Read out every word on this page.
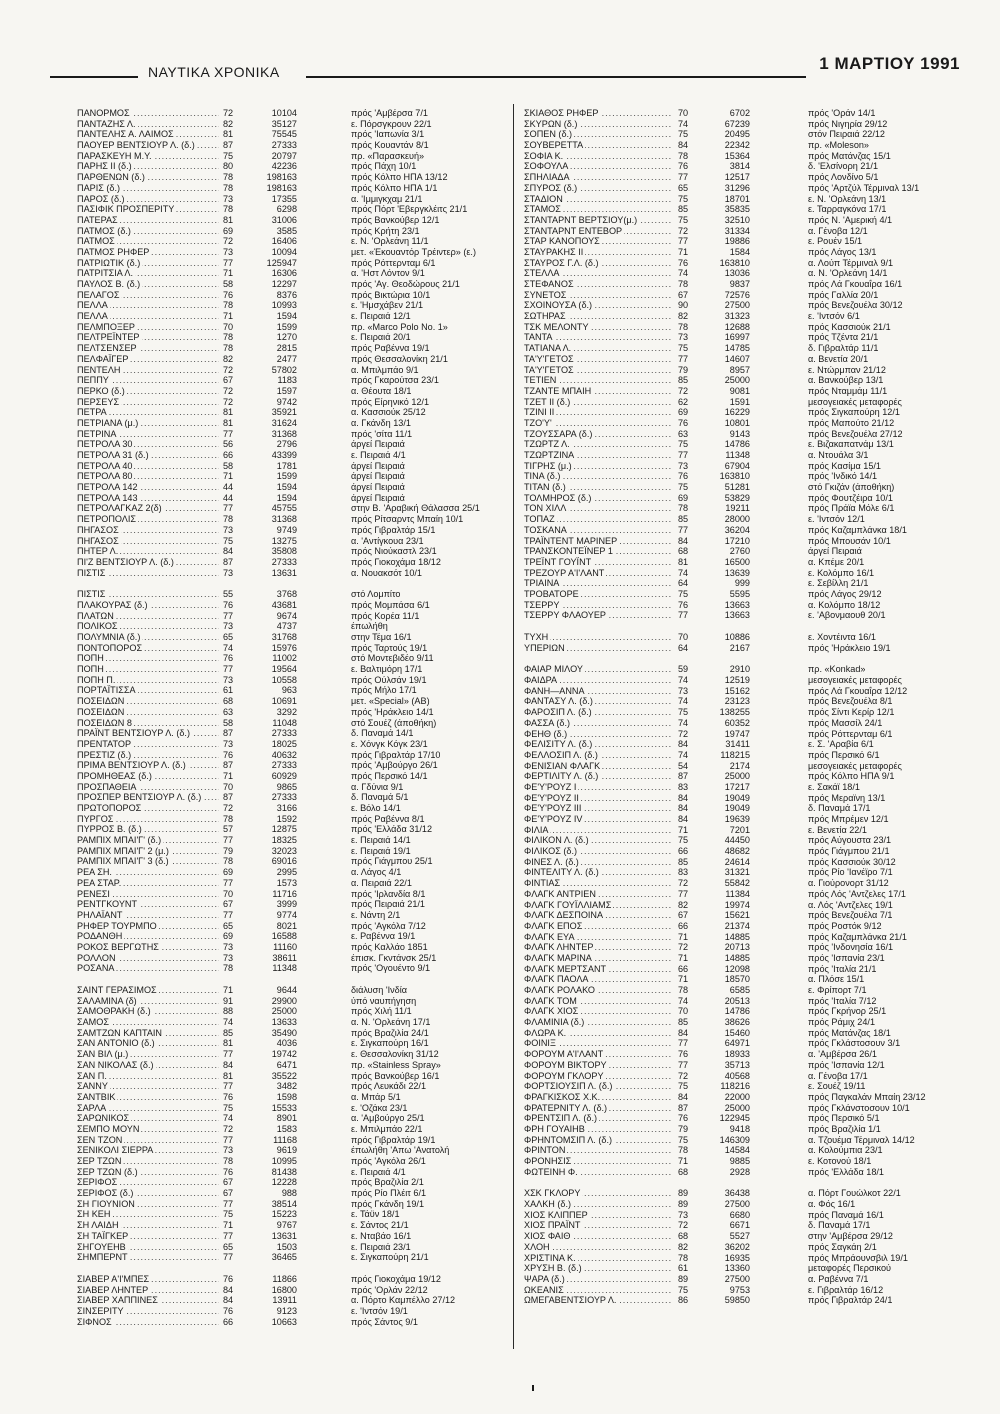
ΝΑΥΤΙΚΑ ΧΡΟΝΙΚΑ	1 ΜΑΡΤΙΟΥ 1991
ΠΑΝΟΡΜΟΣ .....	72	10104	πρός 'Αμβέρσα 7/1
ΠΑΝΤΑΖΗΣ Λ. .....	82	35127	ε. Πόρσγκρουν 22/1
ΠΑΝΤΕΛΗΣ Α. ΛΑΙΜΟΣ .....	81	75545	πρός 'Ιαπωνία 3/1
ΠΑΟΥΕΡ ΒΕΝΤΣΙΟΥΡ Λ. (δ.) .....	87	27333	πρός Κουαντάν 8/1
ΠΑΡΑΣΚΕΥΗ Μ.Υ. .....	75	20797	πρ. «Παρασκευή»
ΠΑΡΗΣ ΙΙ (δ.) .....	80	42236	πρός Πάχη 10/1
ΠΑΡΘΕΝΩΝ (δ.) .....	78	198163	πρός Κόλπο ΗΠΑ 13/12
ΠΑΡΙΣ (δ.) .....	78	198163	πρός Κόλπο ΗΠΑ 1/1
ΠΑΡΟΣ (δ.) .....	73	17355	α. 'Ιμμιγκχαμ 21/1
ΠΑΣΙΦΙΚ ΠΡΟΣΠΕΡΙΤΥ .....	78	6298	πρός Πόρτ 'Εβεργκλέιτς 21/1
ΠΑΤΕΡΑΣ .....	81	31006	πρός Βανκούβερ 12/1
ΠΑΤΜΟΣ (δ.) .....	69	3585	πρός Κρήτη 23/1
ΠΑΤΜΟΣ .....	72	16406	ε. Ν. 'Ορλεάνη 11/1
ΠΑΤΜΟΣ ΡΗΦΕΡ .....	73	10094	μετ. «Έκουαντόρ Τρέιντερ» (ε.)
ΠΑΤΡΙΩΤΙΚ (δ.) .....	77	125947	πρός Ρόττερνταμ 6/1
ΠΑΤΡΙΤΣΙΑ Λ. .....	71	16306	α. 'Ηστ Λόντον 9/1
ΠΑΥΛΟΣ Β. (δ.) .....	58	12297	πρός 'Αγ. Θεοδώρους 21/1
ΠΕΛΑΓΟΣ .....	76	8376	πρός Βικτώρια 10/1
ΠΕΛΛΑ .....	78	10993	ε. 'Ημσχάβεν 21/1
ΠΕΛΛΑ .....	71	1594	ε. Πειραιά 12/1
ΠΕΛΜΠΟΞΕΡ .....	70	1599	πρ. «Marco Polo No. 1»
ΠΕΛΤΡΕΪΝΤΕΡ .....	78	1270	ε. Πειραιά 20/1
ΠΕΛΤΣΕΝΣΕΡ .....	78	2815	πρός Ραβέννα 19/1
ΠΕΛΦΑΪΓΕΡ .....	82	2477	πρός Θεσσαλονίκη 21/1
ΠΕΝΤΕΛΗ .....	72	57802	α. Μπιλμπάο 9/1
ΠΕΠΠΥ .....	67	1183	πρός Γκαρούτσα 23/1
ΠΕΡΚΟ (δ.) .....	72	1597	α. Θέουτα 18/1
ΠΕΡΣΕΥΣ .....	72	9742	πρός Είρηνικό 12/1
ΠΕΤΡΑ .....	81	35921	α. Κασσιούκ 25/12
ΠΕΤΡΙΑΝΑ (μ.) .....	81	31624	α. Γκάνδη 13/1
ΠΕΤΡΙΝΑ .....	77	31368	πρός 'σίτα 11/1
ΠΕΤΡΟΛΑ 30 .....	56	2796	άργεί Πειραιά
ΠΕΤΡΟΛΑ 31 (δ.) .....	66	43399	ε. Πειραιά 4/1
ΠΕΤΡΟΛΑ 40 .....	58	1781	άργεί Πειραιά
ΠΕΤΡΟΛΑ 80 .....	71	1599	άργεί Πειραιά
ΠΕΤΡΟΛΑ 142 .....	44	1594	άργεί Πειραιά
ΠΕΤΡΟΛΑ 143 .....	44	1594	άργεί Πειραιά
ΠΕΤΡΟΛΑΓΚΑΖ 2(δ) .....	77	45755	στην Β. 'Αραβική Θάλασσα 25/1
ΠΕΤΡΟΠΟΛΙΣ .....	78	31368	πρός Ρίτσαρντς Μπαίη 10/1
ΠΗΓΑΣΟΣ .....	73	9749	πρός Γιβραλτάρ 15/1
ΠΗΓΑΣΟΣ .....	75	13275	α. 'Αντίγκουα 23/1
ΠΗΤΕΡ Λ. .....	84	35808	πρός Νιούκαστλ 23/1
ΠΙ'Ζ ΒΕΝΤΣΙΟΥΡ Λ. (δ.) .....	87	27333	πρός Γιοκοχάμα 18/12
ΠΙΣΤΙΣ .....	73	13631	α. Νουακσότ 10/1
ΠΙΣΤΙΣ .....	55	3768	στό Λομπίτο
ΠΛΑΚΟΥΡΑΣ (δ.) .....	76	43681	πρός Μομπάσα 6/1
ΠΛΑΤΩΝ .....	77	9674	πρός Κορέα 11/1
ΠΟΛΙΚΟΣ .....	73	4737	έπωλήθη
ΠΟΛΥΜΝΙΑ (δ.) .....	65	31768	στην Τέμα 16/1
ΠΟΝΤΟΠΟΡΟΣ .....	74	15976	πρός Ταρτούς 19/1
ΠΟΠΗ .....	76	11002	στό Μοντεβιδέο 9/11
ΠΟΠΗ .....	77	19564	ε. Βαλτιμόρη 17/1
ΠΟΠΗ Π. .....	73	10558	πρός Ούλσάν 19/1
ΠΟΡΤΑΪΤΙΣΣΑ .....	61	963	πρός Μήλο 17/1
ΠΟΣΕΙΔΩΝ .....	68	10691	μετ. «Special» (ΑΒ)
ΠΟΣΕΙΔΩΝ .....	63	3292	πρός 'Ηράκλειο 14/1
ΠΟΣΕΙΔΩΝ 8 .....	58	11048	στό Σουέζ (άποθήκη)
ΠΡΑΪΝΤ ΒΕΝΤΣΙΟΥΡ Λ. (δ.) .....	87	27333	δ. Παναμά 14/1
ΠΡΕΝΤΑΤΟΡ .....	73	18025	ε. Χόνγκ Κόγκ 23/1
ΠΡΕΣΤΙΖ (δ.) .....	76	40632	πρός Γιβραλτάρ 17/10
ΠΡΙΜΑ ΒΕΝΤΣΙΟΥΡ Λ. (δ.) .....	87	27333	πρός 'Αμβούργο 26/1
ΠΡΟΜΗΘΕΑΣ (δ.) .....	71	60929	πρός Περσικό 14/1
ΠΡΟΣΠΑΘΕΙΑ .....	70	9865	α. Γδύνια 9/1
ΠΡΟΣΠΕΡ ΒΕΝΤΣΙΟΥΡ Λ. (δ.) .....	87	27333	δ. Παναμά 5/1
ΠΡΩΤΟΠΟΡΟΣ .....	72	3166	ε. Βόλο 14/1
ΠΥΡΓΟΣ .....	78	1592	πρός Ραβέννα 8/1
ΠΥΡΡΟΣ Β. (δ.) .....	57	12875	πρός 'Ελλάδα 31/12
ΡΑΜΠΙΧ ΜΠΑΙ'Γ' (δ.) .....	77	18325	ε. Πειραιά 14/1
ΡΑΜΠΙΧ ΜΠΑΙ'Γ' 2 (μ.) .....	79	32023	ε. Πειραιά 19/1
ΡΑΜΠΙΧ ΜΠΑΙ'Γ' 3 (δ.) .....	78	69016	πρός Γιάγμπου 25/1
ΡΕΑ ΣΗ. .....	69	2995	α. Λάγος 4/1
ΡΕΑ ΣΤΑΡ. .....	77	1573	α. Πειραιά 22/1
ΡΕΝΕΣΙ .....	70	11716	πρός 'Ιρλανδία 8/1
ΡΕΝΤΓΚΟΥΝΤ .....	67	3999	πρός Πειραιά 21/1
ΡΗΛΑΪΑΝΤ .....	77	9774	ε. Νάντη 2/1
ΡΗΦΕΡ ΤΟΥΡΜΠΟ .....	65	8021	πρός 'Αγκόλα 7/12
ΡΟΔΑΝΘΗ .....	69	16588	ε. Ραβέννα 19/1
ΡΟΚΟΣ ΒΕΡΓΩΤΗΣ .....	73	11160	πρός Καλλάο 1851
ΡΟΛΛΟΝ .....	73	38611	έπισκ. Γκντάνσκ 25/1
ΡΟΣΑΝΑ .....	78	11348	πρός 'Ογουέντο 9/1
ΣΑΙΝΤ ΓΕΡΑΣΙΜΟΣ .....	71	9644	διάλυση 'Ινδία
ΣΑΛΑΜΙΝΑ (δ) .....	91	29900	ύπό ναυπήγηση
ΣΑΜΟΘΡΑΚΗ (δ.) .....	88	25000	πρός Χιλή 11/1
ΣΑΜΟΣ .....	74	13633	α. Ν. 'Ορλεάνη 17/1
ΣΑΜΤΖΩΝ ΚΑΠΤΑΙΝ .....	85	35490	πρός Βραζιλία 24/1
ΣΑΝ ΑΝΤΟΝΙΟ (δ.) .....	81	4036	ε. Σιγκαπούρη 16/1
ΣΑΝ ΒΙΛ (μ.) .....	77	19742	ε. Θεσσαλονίκη 31/12
ΣΑΝ ΝΙΚΟΛΑΣ (δ.) .....	84	6471	πρ. «Stainless Spray»
ΣΑΝ Π. .....	81	35522	πρός Βανκούβερ 16/1
ΣΑΝΝΥ .....	77	3482	πρός Λευκάδι 22/1
ΣΑΝΤΒΙΚ .....	76	1598	α. Μπάρ 5/1
ΣΑΡΛΑ .....	75	15533	ε. 'Οζάκα 23/1
ΣΑΡΩΝΙΚΟΣ .....	74	8901	α. 'Αμβούργο 25/1
ΣΕΜΠΟ ΜΟΥΝ .....	72	1583	ε. Μπιλμπάο 22/1
ΣΕΝ ΤΖΟΝ .....	77	11168	πρός Γιβραλτάρ 19/1
ΣΕΝΙΚΟΛΙ ΣΙΕΡΡΑ .....	73	9619	έπωλήθη 'Απω 'Ανατολή
ΣΕΡ ΤΖΩΝ .....	78	10995	πρός 'Αγκόλα 26/1
ΣΕΡ ΤΖΩΝ (δ.) .....	76	81438	ε. Πειραιά 4/1
ΣΕΡΙΦΟΣ .....	67	12228	πρός Βραζιλία 2/1
ΣΕΡΙΦΟΣ (δ.) .....	67	988	πρός Ρίο Πλέιτ 6/1
ΣΗ ΓΙΟΥΝΙΟΝ .....	77	38514	πρός Γκάνδη 19/1
ΣΗ ΚΕΗ .....	75	15223	ε. Τάϋν 18/1
ΣΗ ΛΑΙΔΗ .....	71	9767	ε. Σάντος 21/1
ΣΗ ΤΑΪΓΚΕΡ .....	77	13631	ε. Νταβάο 16/1
ΣΗΓΟΥΕΗΒ .....	65	1503	ε. Πειραιά 23/1
ΣΗΜΠΕΡΝΤ .....	77	36465	ε. Σιγκαπούρη 21/1
ΣΙΑΒΕΡ Α'Ι'ΜΠΕΣ .....	76	11866	πρός Γιοκοχάμα 19/12
ΣΙΑΒΕΡ ΛΗΝΤΕΡ .....	84	16800	πρός 'Ορλάν 22/12
ΣΙΑΒΕΡ ΧΑΠΠΙΝΕΣ .....	84	13911	α. Πόρτο Καμπέλλο 27/12
ΣΙΝΣΕΡΙΤΥ .....	76	9123	ε. 'Ιντσόν 19/1
ΣΙΦΝΟΣ .....	66	10663	πρός Σάντος 9/1
ΣΚΙΑΘΟΣ ΡΗΦΕΡ .....	70	6702	πρός 'Οράν 14/1
ΣΚΥΡΩΝ (δ.) .....	74	67239	πρός Νιγηρία 29/12
ΣΟΠΕΝ (δ.) .....	75	20495	στόν Πειραιά 22/12
ΣΟΥΒΕΡΕΤΤΑ .....	84	22342	πρ. «Moleson»
ΣΟΦΙΑ Κ. .....	78	15364	πρός Ματάνζας 15/1
ΣΟΦΟΥΛΑ .....	76	3814	δ. 'Ελσίνορη 21/1
ΣΠΗΛΙΑΔΑ .....	77	12517	πρός Λονδίνο 5/1
ΣΠΥΡΟΣ (δ.) .....	65	31296	πρός 'Αρτζύλ Τέρμιναλ 13/1
ΣΤΑΔΙΟΝ .....	75	18701	ε. Ν. 'Ορλεάνη 13/1
ΣΤΑΜΟΣ .....	85	35835	ε. Ταρραγκόνα 17/1
ΣΤΑΝΤΑΡΝΤ ΒΕΡΤΣΙΟΥ(μ.) .....	75	32510	πρός Ν. 'Αμερική 4/1
ΣΤΑΝΤΑΡΝΤ ΕΝΤΕΒΟΡ .....	72	31334	α. Γένοβα 12/1
ΣΤΑΡ ΚΑΝΟΠΟΥΣ .....	77	19886	ε. Ρουέν 15/1
ΣΤΑΥΡΑΚΗΣ ΙΙ .....	71	1584	πρός Λάγος 13/1
ΣΤΑΥΡΟΣ Γ.Λ. (δ.) .....	76	163810	α. Λούπ Τέρμιναλ 9/1
ΣΤΕΛΛΑ .....	74	13036	α. Ν. 'Ορλεάνη 14/1
ΣΤΕΦΑΝΟΣ .....	78	9837	πρός Λά Γκουαΐρα 16/1
ΣΥΝΕΤΟΣ .....	67	72576	πρός Γαλλία 20/1
ΣΧΟΙΝΟΥΣΑ (δ.) .....	90	27500	πρός Βενεζουέλα 30/12
ΣΩΤΗΡΑΣ .....	82	31323	ε. 'Ιντσόν 6/1
ΤΣΚ ΜΕΛΟΝΤΥ .....	78	12688	πρός Κασσιούκ 21/1
ΤΑΝΤΑ .....	73	16997	πρός Τζέντα 21/1
ΤΑΤΙΑΝΑ Λ. .....	75	14785	δ. Γιβραλτάρ 11/1
ΤΑ'Υ'ΓΕΤΟΣ .....	77	14607	α. Βενετία 20/1
ΤΑ'Υ'ΓΕΤΟΣ .....	79	8957	ε. Ντώρμπαν 21/12
ΤΕΤΙΕΝ .....	85	25000	α. Βανκούβερ 13/1
ΤΖΑΝΤΕ ΜΠΑΙΗ .....	72	9081	πρός Νταμμάμ 11/1
ΤΖΕΤ ΙΙ (δ.) .....	62	1591	μεσογειακές μεταφορές
ΤΖΙΝΙ ΙΙ .....	69	16229	πρός Σιγκαπούρη 12/1
ΤΖΟ'Υ' .....	76	10801	πρός Μαπούτο 21/12
ΤΖΟΥΣΣΑΡΑ (δ.) .....	63	9143	πρός Βενεζουέλα 27/12
ΤΖΩΡΤΖ Λ. .....	75	14786	ε. Βιζακαπατνάμ 13/1
ΤΖΩΡΤΖΙΝΑ .....	77	11348	α. Ντουάλα 3/1
ΤΙΓΡΗΣ (μ.) .....	73	67904	πρός Κασίμα 15/1
ΤΙΝΑ (δ.) .....	76	163810	πρός 'Ινδικό 14/1
ΤΙΤΑΝ (δ.) .....	75	51281	στό Γκιζάν (άποθήκη)
ΤΟΛΜΗΡΟΣ (δ.) .....	69	53829	πρός Φουτζέιρα 10/1
ΤΟΝ ΧΙΛΛ .....	78	19211	πρός Πράϊα Μόλε 6/1
ΤΟΠΑΖ .....	85	28000	ε. 'Ιντσόν 12/1
ΤΟΣΚΑΝΑ .....	77	36204	πρός Καζαμπλάνκα 18/1
ΤΡΑΪΝΤΕΝΤ ΜΑΡΙΝΕΡ .....	84	17210	πρός Μπουσάν 10/1
ΤΡΑΝΣΚΟΝΤΕΪΝΕΡ 1 .....	68	2760	άργεί Πειραιά
ΤΡΕΪΝΤ ΓΟΥΪΝΤ .....	81	16500	α. Κπέμε 20/1
ΤΡΕΖΟΥΡ Α'Ι'ΛΑΝΤ .....	74	13639	ε. Κολόμπο 16/1
ΤΡΙΑΙΝΑ .....	64	999	ε. Σεβίλλη 21/1
ΤΡΟΒΑΤΟΡΕ .....	75	5595	πρός Λάγος 29/12
ΤΣΕΡΡΥ .....	76	13663	α. Κολόμπο 18/12
ΤΣΕΡΡΥ ΦΛΑΟΥΕΡ .....	77	13663	ε. 'Αβονμαουθ 20/1
ΤΥΧΗ .....	70	10886	ε. Χοντέιντα 16/1
ΥΠΕΡΙΩΝ .....	64	2167	πρός 'Ηράκλειο 19/1
ΦΑΙΑΡ ΜΙΛΟΥ .....	59	2910	πρ. «Konkad»
ΦΑΙΔΡΑ .....	74	12519	μεσογειακές μεταφορές
ΦΑΝΗ—ΑΝΝΑ .....	73	15162	πρός Λά Γκουαΐρα 12/12
ΦΑΝΤΑΣΥ Λ. (δ.) .....	74	23123	πρός Βενεζουέλα 8/1
ΦΑΡΟΣΙΠ Λ. (δ.) .....	75	138255	πρός Σίντι Κερίρ 12/1
ΦΑΣΣΑ (δ.) .....	74	60352	πρός Μασσίλ 24/1
ΦΕΗΘ (δ.) .....	72	19747	πρός Ρόττερνταμ 6/1
ΦΕΛΙΣΙΤΥ Λ. (δ.) .....	84	31411	ε. Σ. 'Αραβία 6/1
ΦΕΛΛΟΣΙΠ Λ. (δ.) .....	74	118215	πρός Περσικό 6/1
ΦΕΝΙΣΙΑΝ ΦΛΑΓΚ .....	54	2174	μεσογειακές μεταφορές
ΦΕΡΤΙΛΙΤΥ Λ. (δ.) .....	87	25000	πρός Κόλπο ΗΠΑ 9/1
ΦΕ'Υ'ΡΟΥΖ Ι .....	83	17217	ε. Σακάϊ 18/1
ΦΕ'Υ'ΡΟΥΖ ΙΙ .....	84	19049	πρός Μεραϊνη 13/1
ΦΕ'Υ'ΡΟΥΖ ΙΙΙ .....	84	19049	δ. Παναμά 17/1
ΦΕ'Υ'ΡΟΥΖ ΙV .....	84	19639	πρός Μπρέμεν 12/1
ΦΙΛΙΑ .....	71	7201	ε. Βενετία 22/1
ΦΙΛΙΚΟΝ Λ. (δ.) .....	75	44450	πρός Αύγουστα 23/1
ΦΙΛΙΚΟΣ (δ.) .....	66	48682	πρός Γιάγμπου 21/1
ΦΙΝΕΣ Λ. (δ.) .....	85	24614	πρός Κασσιούκ 30/12
ΦΙΝΤΕΛΙΤΥ Λ. (δ.) .....	83	31321	πρός Ρίο 'Ιανέϊρο 7/1
ΦΙΝΤΙΑΣ .....	72	55842	α. Γιούρονορτ 31/12
ΦΛΑΓΚ ΑΝΤΡΙΕΝ .....	77	11384	πρός Λός 'Αντζελες 17/1
ΦΛΑΓΚ ΓΟΥΪΛΛΙΑΜΣ .....	82	19974	α. Λός 'Αντζελες 19/1
ΦΛΑΓΚ ΔΕΣΠΟΙΝΑ .....	67	15621	πρός Βενεζουέλα 7/1
ΦΛΑΓΚ ΕΠΟΣ .....	66	21374	πρός Ροστόκ 9/12
ΦΛΑΓΚ ΕΥΑ .....	71	14885	πρός Καζαμπλάνκα 21/1
ΦΛΑΓΚ ΛΗΝΤΕΡ .....	72	20713	πρός 'Ινδονησία 16/1
ΦΛΑΓΚ ΜΑΡΙΝΑ .....	71	14885	πρός 'Ισπανία 23/1
ΦΛΑΓΚ ΜΕΡΤΣΑΝΤ .....	66	12098	πρός 'Ιταλία 21/1
ΦΛΑΓΚ ΠΑΟΛΑ .....	71	18570	α. Πλόσε 15/1
ΦΛΑΓΚ ΡΟΛΑΚΟ .....	78	6585	ε. Φρίπορτ 7/1
ΦΛΑΓΚ ΤΟΜ .....	74	20513	πρός 'Ιταλία 7/12
ΦΛΑΓΚ ΧΙΟΣ .....	70	14786	πρός Γκρήνορ 25/1
ΦΛΑΜΙΝΙΑ (δ.) .....	85	38626	πρός Ράμιχ 24/1
ΦΛΩΡΑ Κ. .....	84	15460	πρός Ματάνζας 18/1
ΦΟΙΝΙΞ .....	77	64971	πρός Γκλάστοσουν 3/1
ΦΟΡΟΥΜ Α'Ι'ΛΑΝΤ .....	76	18933	α. 'Αμβέρσα 26/1
ΦΟΡΟΥΜ ΒΙΚΤΟΡΥ .....	77	35713	πρός 'Ισπανία 12/1
ΦΟΡΟΥΜ ΓΚΛΟΡΥ .....	72	40568	α. Γένοβα 17/1
ΦΟΡΤΣΙΟΥΣΙΠ Λ. (δ.) .....	75	118216	ε. Σουέζ 19/11
ΦΡΑΓΚΙΣΚΟΣ Χ.Κ. .....	84	22000	πρός Παγκαλάν Μπαίη 23/12
ΦΡΑΤΕΡΝΙΤΥ Λ. (δ.) .....	87	25000	πρός Γκλάνστοσουν 10/1
ΦΡΕΝΤΣΙΠ Λ. (δ.) .....	76	122945	πρός Περσικό 5/1
ΦΡΗ ΓΟΥΑΙΗΒ .....	79	9418	πρός Βραζιλία 1/1
ΦΡΗΝΤΟΜΣΙΠ Λ. (δ.) .....	75	146309	α. Τζουέμα Τέρμιναλ 14/12
ΦΡΙΝΤΟΝ .....	78	14584	α. Κολούμπια 23/1
ΦΡΟΝΗΣΙΣ .....	71	9885	ε. Κοτονού 18/1
ΦΩΤΕΙΝΗ Φ. .....	68	2928	πρός 'Ελλάδα 18/1
ΧΣΚ ΓΚΛΟΡΥ .....	89	36438	α. Πόρτ Γουώλκοτ 22/1
ΧΑΛΚΗ (δ.) .....	89	27500	α. Φός 16/1
ΧΙΟΣ ΚΛΙΠΠΕΡ .....	73	6680	πρός Παναμά 16/1
ΧΙΟΣ ΠΡΑΪΝΤ .....	72	6671	δ. Παναμά 17/1
ΧΙΟΣ ΦΑΙΘ .....	68	5527	στην 'Αμβέρσα 29/12
ΧΛΟΗ .....	82	36202	πρός Σαγκάη 2/1
ΧΡΙΣΤΙΝΑ Κ. .....	78	16935	πρός Μπράουνσβιλ 19/1
ΧΡΥΣΗ Β. (δ.) .....	61	13360	μεταφορές Περσικού
ΨΑΡΑ (δ.) .....	89	27500	α. Ραβέννα 7/1
ΩΚΕΑΝΙΣ .....	75	9753	ε. Γιβραλτάρ 16/12
ΩΜΕΓΑΒΕΝΤΣΙΟΥΡ Λ. .....	86	59850	πρός Γιβραλτάρ 24/1
